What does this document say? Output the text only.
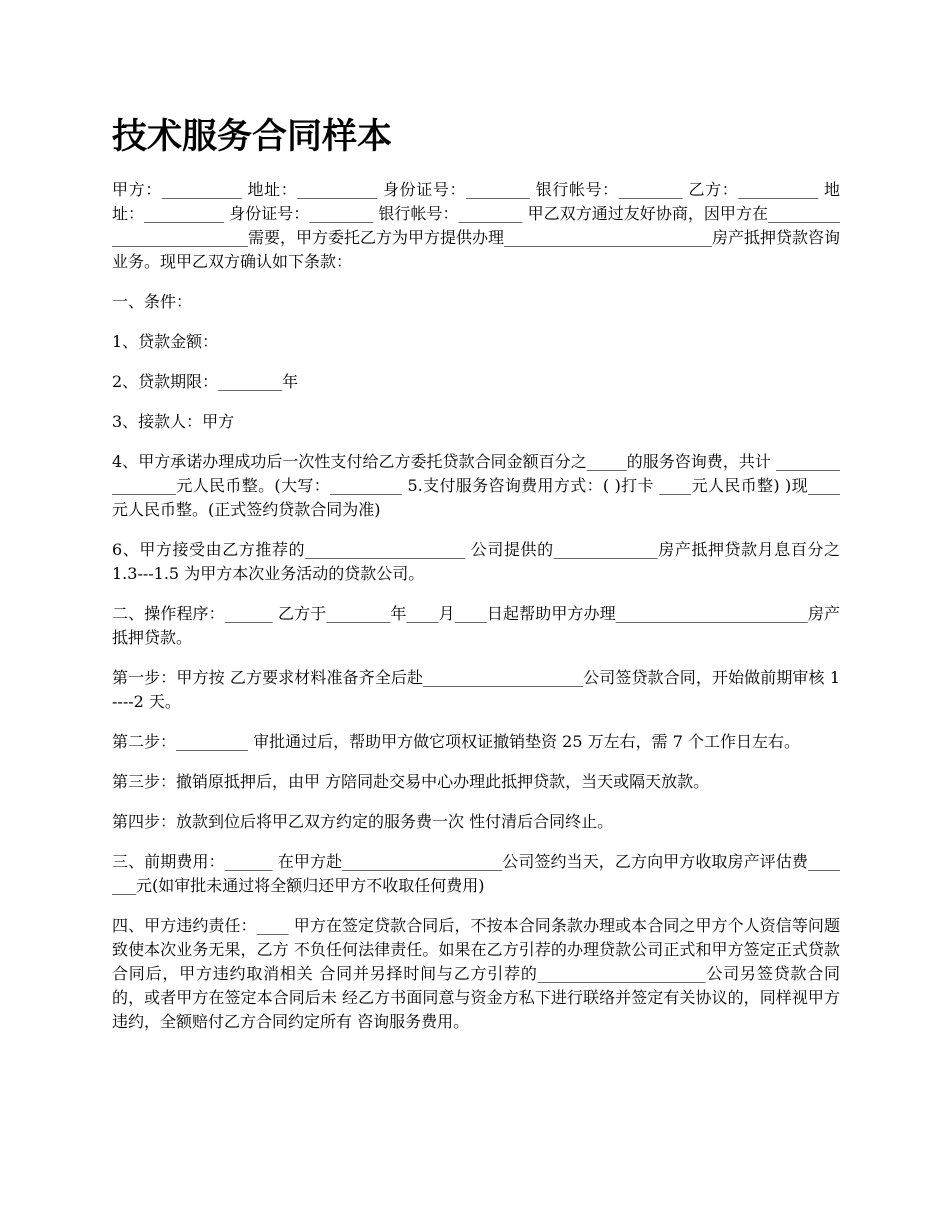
技术服务合同样本

甲方：__________ 地址：__________ 身份证号：________ 银行帐号：________ 乙方：__________ 地址：__________ 身份证号：________ 银行帐号：________ 甲乙双方通过友好协商，因甲方在__________________________需要，甲方委托乙方为甲方提供办理__________________________房产抵押贷款咨询业务。现甲乙双方确认如下条款：

一、条件：

1、贷款金额：

2、贷款期限：________年

3、接款人：甲方

4、甲方承诺办理成功后一次性支付给乙方委托贷款合同金额百分之_____的服务咨询费，共计 ________________元人民币整。(大写：_________ 5.支付服务咨询费用方式：( )打卡 ____元人民币整) )现____元人民币整。(正式签约贷款合同为准)

6、甲方接受由乙方推荐的____________________ 公司提供的_____________房产抵押贷款月息百分之 1.3---1.5 为甲方本次业务活动的贷款公司。

二、操作程序：______ 乙方于________年____月____日起帮助甲方办理________________________房产抵押贷款。

第一步：甲方按 乙方要求材料准备齐全后赴____________________公司签贷款合同，开始做前期审核 1----2 天。

第二步：_________ 审批通过后，帮助甲方做它项权证撤销垫资 25 万左右，需 7 个工作日左右。

第三步：撤销原抵押后，由甲 方陪同赴交易中心办理此抵押贷款，当天或隔天放款。

第四步：放款到位后将甲乙双方约定的服务费一次 性付清后合同终止。

三、前期费用：______ 在甲方赴____________________公司签约当天，乙方向甲方收取房产评估费_______元(如审批未通过将全额归还甲方不收取任何费用)

四、甲方违约责任：____ 甲方在签定贷款合同后，不按本合同条款办理或本合同之甲方个人资信等问题致使本次业务无果，乙方 不负任何法律责任。如果在乙方引荐的办理贷款公司正式和甲方签定正式贷款合同后，甲方违约取消相关 合同并另择时间与乙方引荐的_____________________公司另签贷款合同的，或者甲方在签定本合同后未 经乙方书面同意与资金方私下进行联络并签定有关协议的，同样视甲方违约，全额赔付乙方合同约定所有 咨询服务费用。
